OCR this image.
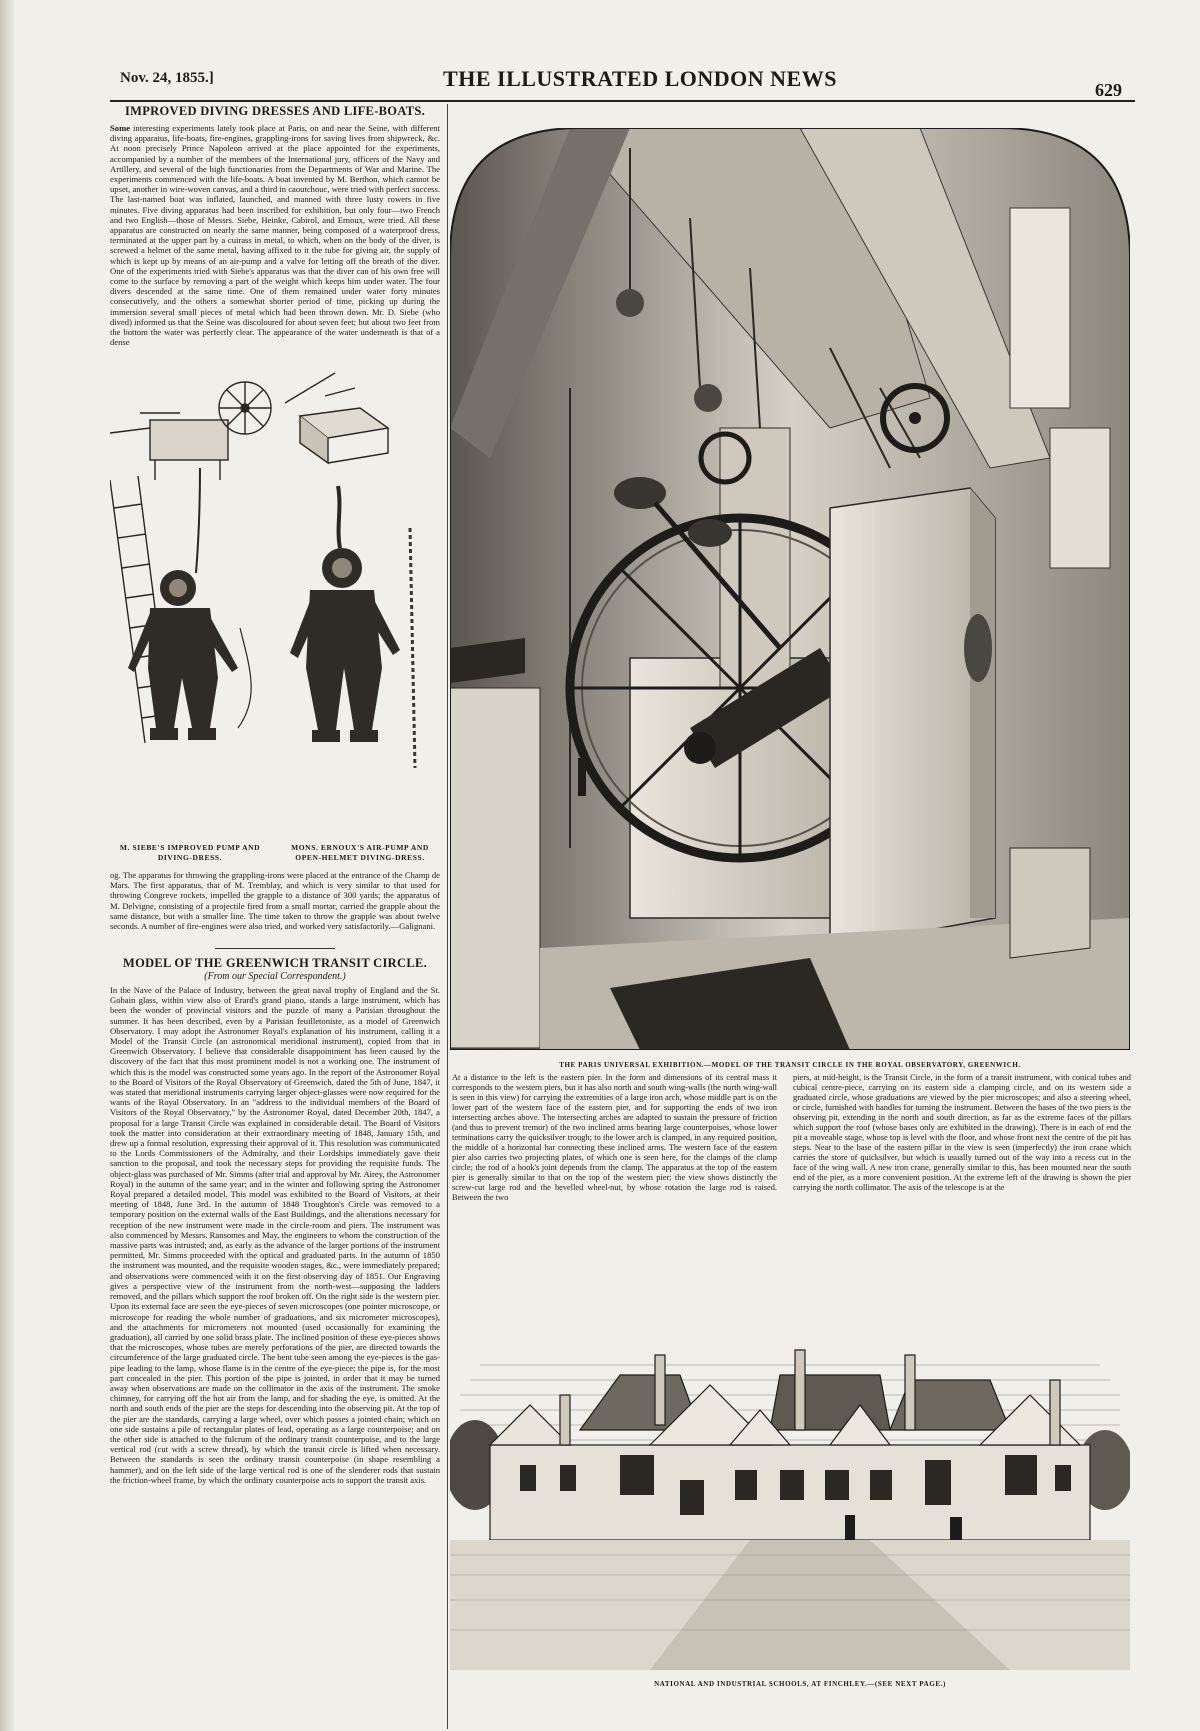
Nov. 24, 1855.]	THE ILLUSTRATED LONDON NEWS	629
IMPROVED DIVING DRESSES AND LIFE-BOATS.
Some interesting experiments lately took place at Paris, on and near the Seine, with different diving apparatus, life-boats, fire-engines, grappling-irons for saving lives from shipwreck, &c. At noon precisely Prince Napoleon arrived at the place appointed for the experiments, accompanied by a number of the members of the International jury, officers of the Navy and Artillery, and several of the high functionaries from the Departments of War and Marine. The experiments commenced with the life-boats. A boat invented by M. Berthon, which cannot be upset, another in wire-woven canvas, and a third in caoutchouc, were tried with perfect success. The last-named boat was inflated, launched, and manned with three lusty rowers in five minutes. Five diving apparatus had been inscribed for exhibition, but only four—two French and two English—those of Messrs. Siebe, Heinke, Cabirol, and Ernoux, were tried. All these apparatus are constructed on nearly the same manner, being composed of a waterproof dress, terminated at the upper part by a cuirass in metal, to which, when on the body of the diver, is screwed a helmet of the same metal, having affixed to it the tube for giving air, the supply of which is kept up by means of an air-pump and a valve for letting off the breath of the diver. One of the experiments tried with Siebe's apparatus was that the diver can of his own free will come to the surface by removing a part of the weight which keeps him under water. The four divers descended at the same time. One of them remained under water forty minutes consecutively, and the others a somewhat shorter period of time, picking up during the immersion several small pieces of metal which had been thrown down. Mr. D. Siebe (who dived) informed us that the Seine was discoloured for about seven feet; but about two feet from the bottom the water was perfectly clear. The appearance of the water underneath is that of a dense
M. SIEBE'S IMPROVED PUMP AND DIVING-DRESS.
MONS. ERNOUX'S AIR-PUMP AND OPEN-HELMET DIVING-DRESS.
og. The apparatus for throwing the grappling-irons were placed at the entrance of the Champ de Mars. The first apparatus, that of M. Tremblay, and which is very similar to that used for throwing Congreve rockets, impelled the grapple to a distance of 300 yards; the apparatus of M. Delvigne, consisting of a projectile fired from a small mortar, carried the grapple about the same distance, but with a smaller line. The time taken to throw the grapple was about twelve seconds. A number of fire-engines were also tried, and worked very satisfactorily.—Galignani.
MODEL OF THE GREENWICH TRANSIT CIRCLE.
(From our Special Correspondent.)
In the Nave of the Palace of Industry, between the great naval trophy of England and the St. Gobain glass, within view also of Erard's grand piano, stands a large instrument, which has been the wonder of provincial visitors and the puzzle of many a Parisian throughout the summer. It has been described, even by a Parisian feuilletoniste, as a model of Greenwich Observatory. I may adopt the Astronomer Royal's explanation of his instrument, calling it a Model of the Transit Circle (an astronomical meridional instrument), copied from that in Greenwich Observatory. I believe that considerable disappointment has been caused by the discovery of the fact that this most prominent model is not a working one. The instrument of which this is the model was constructed some years ago. In the report of the Astronomer Royal to the Board of Visitors of the Royal Observatory of Greenwich, dated the 5th of June, 1847, it was stated that meridional instruments carrying larger object-glasses were now required for the wants of the Royal Observatory. In an "address to the individual members of the Board of Visitors of the Royal Observatory," by the Astronomer Royal, dated December 20th, 1847, a proposal for a large Transit Circle was explained in considerable detail. The Board of Visitors took the matter into consideration at their extraordinary meeting of 1848, January 15th, and drew up a formal resolution, expressing their approval of it. This resolution was communicated to the Lords Commissioners of the Admiralty, and their Lordships immediately gave their sanction to the proposal, and took the necessary steps for providing the requisite funds. The object-glass was purchased of Mr. Simms (after trial and approval by Mr. Airey, the Astronomer Royal) in the autumn of the same year; and in the winter and following spring the Astronomer Royal prepared a detailed model. This model was exhibited to the Board of Visitors, at their meeting of 1848, June 3rd. In the autumn of 1848 Troughton's Circle was removed to a temporary position on the external walls of the East Buildings, and the alterations necessary for reception of the new instrument were made in the circle-room and piers. The instrument was also commenced by Messrs. Ransomes and May, the engineers to whom the construction of the massive parts was intrusted; and, as early as the advance of the larger portions of the instrument permitted, Mr. Simms proceeded with the optical and graduated parts. In the autumn of 1850 the instrument was mounted, and the requisite wooden stages, &c., were immediately prepared; and observations were commenced with it on the first observing day of 1851. Our Engraving gives a perspective view of the instrument from the north-west—supposing the ladders removed, and the pillars which support the roof broken off. On the right side is the western pier. Upon its external face are seen the eye-pieces of seven microscopes (one pointer microscope, or microscope for reading the whole number of graduations, and six micrometer microscopes), and the attachments for micrometers not mounted (used occasionally for examining the graduation), all carried by one solid brass plate. The inclined position of these eye-pieces shows that the microscopes, whose tubes are merely perforations of the pier, are directed towards the circumference of the large graduated circle. The bent tube seen among the eye-pieces is the gas-pipe leading to the lamp, whose flame is in the centre of the eye-piece; the pipe is, for the most part concealed in the pier. This portion of the pipe is jointed, in order that it may be turned away when observations are made on the collimator in the axis of the instrument. The smoke chimney, for carrying off the hot air from the lamp, and for shading the eye, is omitted. At the north and south ends of the pier are the steps for descending into the observing pit. At the top of the pier are the standards, carrying a large wheel, over which passes a jointed chain; which on one side sustains a pile of rectangular plates of lead, operating as a large counterpoise; and on the other side is attached to the fulcrum of the ordinary transit counterpoise, and to the large vertical rod (cut with a screw thread), by which the transit circle is lifted when necessary. Between the standards is seen the ordinary transit counterpoise (in shape resembling a hammer), and on the left side of the large vertical rod is one of the slenderer rods that sustain the friction-wheel frame, by which the ordinary counterpoise acts to support the transit axis.
THE PARIS UNIVERSAL EXHIBITION.—MODEL OF THE TRANSIT CIRCLE IN THE ROYAL OBSERVATORY, GREENWICH.
At a distance to the left is the eastern pier. In the form and dimensions of its central mass it corresponds to the western piers, but it has also north and south wing-walls (the north wing-wall is seen in this view) for carrying the extremities of a large iron arch, whose middle part is on the lower part of the western face of the eastern pier, and for supporting the ends of two iron intersecting arches above. The intersecting arches are adapted to sustain the pressure of friction (and thus to prevent tremor) of the two inclined arms bearing large counterpoises, whose lower terminations carry the quicksilver trough; to the lower arch is clamped, in any required position, the middle of a horizontal bar connecting these inclined arms. The western face of the eastern pier also carries two projecting plates, of which one is seen here, for the clamps of the clamp circle; the rod of a hook's joint depends from the clamp. The apparatus at the top of the eastern pier is generally similar to that on the top of the western pier; the view shows distinctly the screw-cut large rod and the bevelled wheel-nut, by whose rotation the large rod is raised. Between the two
piers, at mid-height, is the Transit Circle, in the form of a transit instrument, with conical tubes and cubical centre-piece, carrying on its eastern side a clamping circle, and on its western side a graduated circle, whose graduations are viewed by the pier microscopes; and also a steering wheel, or circle, furnished with handles for turning the instrument. Between the bases of the two piers is the observing pit, extending in the north and south direction, as far as the extreme faces of the pillars which support the roof (whose bases only are exhibited in the drawing). There is in each of end the pit a moveable stage, whose top is level with the floor, and whose front next the centre of the pit has steps. Near to the base of the eastern pillar in the view is seen (imperfectly) the iron crane which carries the store of quicksilver, but which is usually turned out of the way into a recess cut in the face of the wing wall. A new iron crane, generally similar to this, has been mounted near the south end of the pier, as a more convenient position. At the extreme left of the drawing is shown the pier carrying the north collimator. The axis of the telescope is at the
NATIONAL AND INDUSTRIAL SCHOOLS, AT FINCHLEY.—(SEE NEXT PAGE.)
